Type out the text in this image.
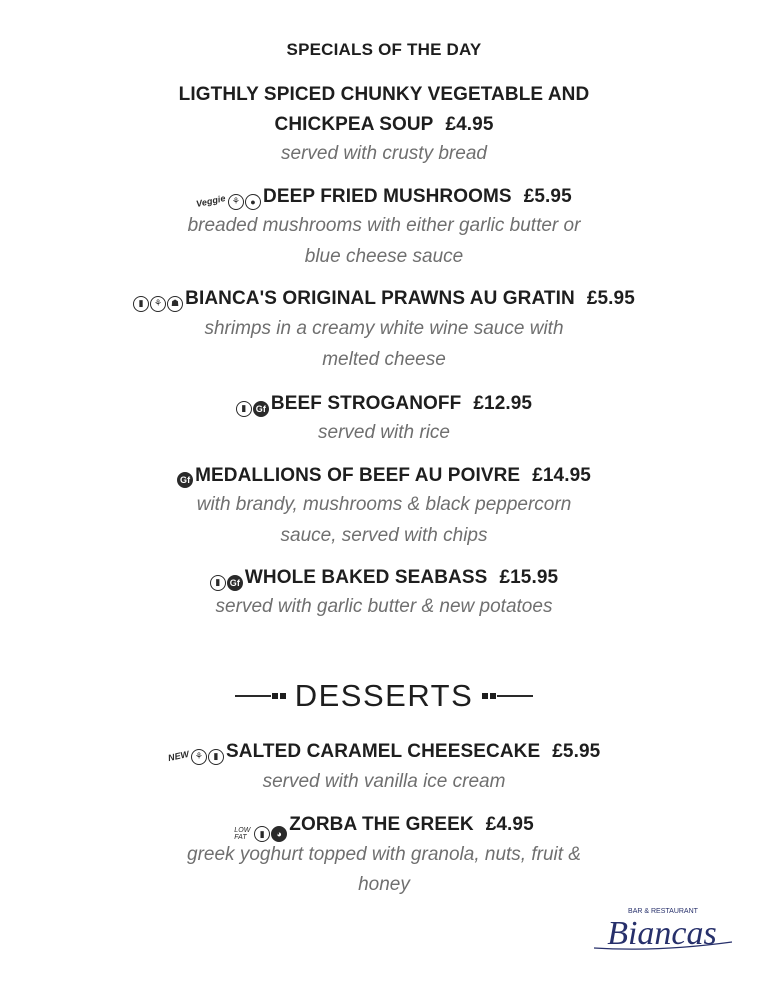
SPECIALS OF THE DAY
LIGTHLY SPICED CHUNKY VEGETABLE AND
CHICKPEA SOUP £4.95
served with crusty bread
Veggie ⚘	● DEEP FRIED MUSHROOMS £5.95
breaded mushrooms with either garlic butter or
blue cheese sauce
▮	⚘ ☗ BIANCA'S ORIGINAL PRAWNS AU GRATIN £5.95
shrimps in a creamy white wine sauce with
melted cheese
▮	Gf BEEF STROGANOFF £12.95
served with rice
Gf MEDALLIONS OF BEEF AU POIVRE £14.95
with brandy, mushrooms & black peppercorn
sauce, served with chips
▮	Gf WHOLE BAKED SEABASS £15.95
served with garlic butter & new potatoes
DESSERTS
NEW ⚘	▮ SALTED CARAMEL CHEESECAKE £5.95
served with vanilla ice cream
LOW
FAT	▮	◕ ZORBA THE GREEK £4.95
greek yoghurt topped with granola, nuts, fruit &
honey
BAR & RESTAURANT
Biancas
